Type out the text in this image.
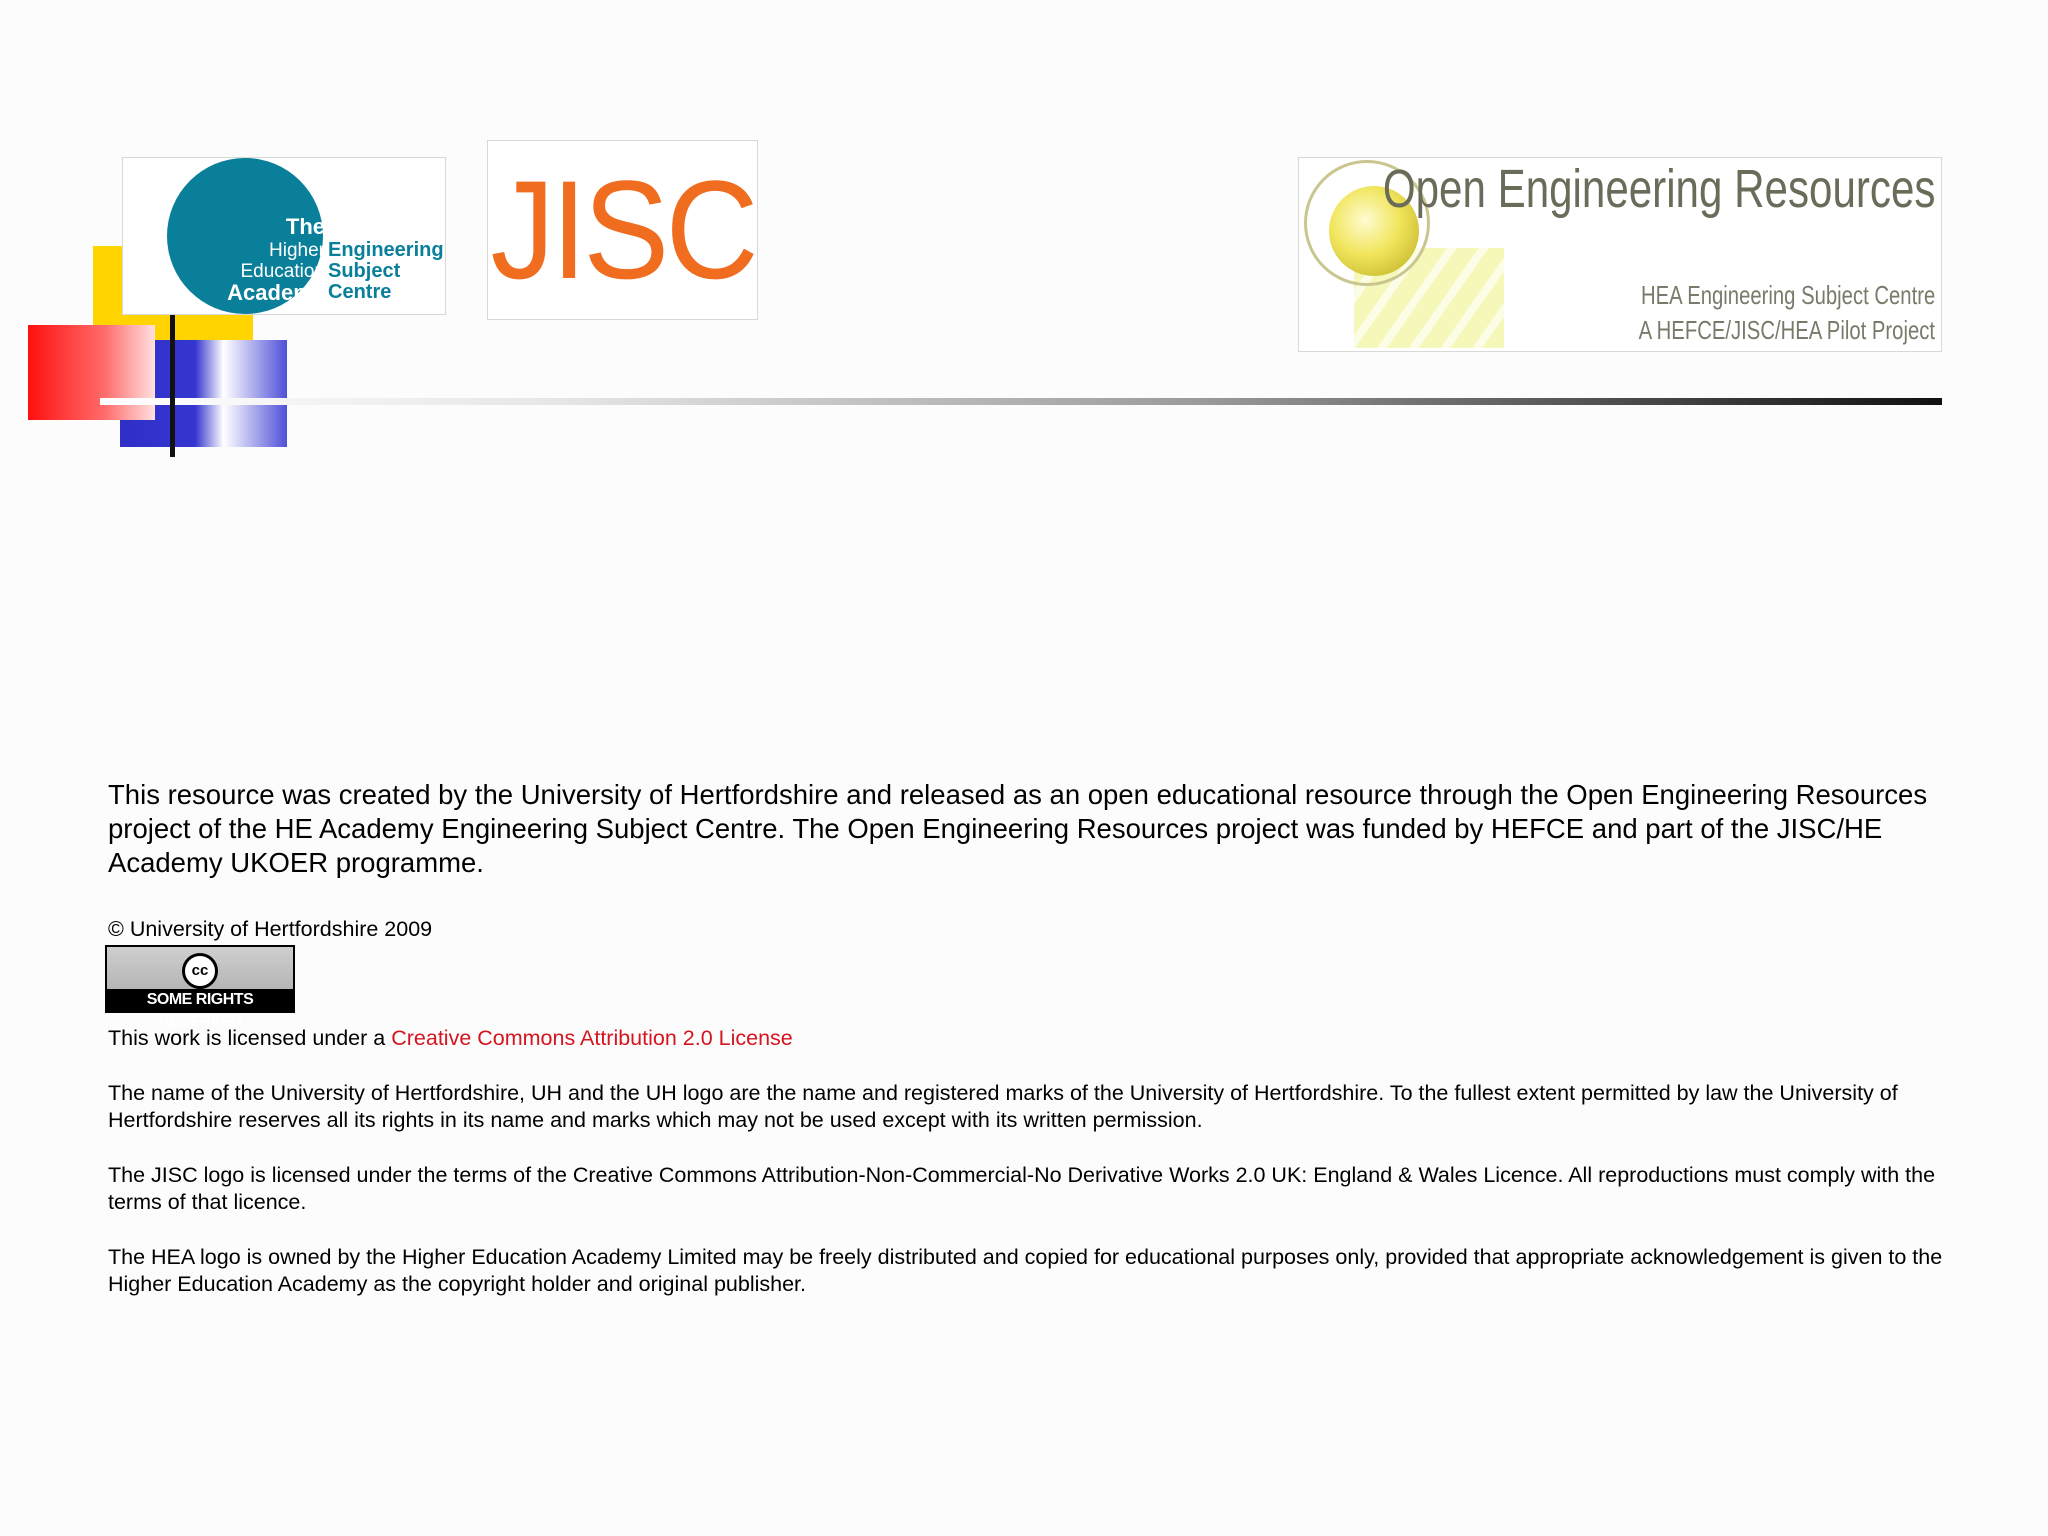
The
Higher
Education
Academy
Engineering
Subject
Centre JISC	Open Engineering Resources
HEA Engineering Subject Centre
A HEFCE/JISC/HEA Pilot Project
This resource was created by the University of Hertfordshire and released as an open educational resource through the Open Engineering Resources project of the HE Academy Engineering Subject Centre. The Open Engineering Resources project was funded by HEFCE and part of the JISC/HE Academy UKOER programme.
© University of Hertfordshire 2009
cc
SOME RIGHTS RESERVED
This work is licensed under a Creative Commons Attribution 2.0 License
The name of the University of Hertfordshire, UH and the UH logo are the name and registered marks of the University of Hertfordshire. To the fullest extent permitted by law the University of Hertfordshire reserves all its rights in its name and marks which may not be used except with its written permission.
The JISC logo is licensed under the terms of the Creative Commons Attribution-Non-Commercial-No Derivative Works 2.0 UK: England & Wales Licence. All reproductions must comply with the terms of that licence.
The HEA logo is owned by the Higher Education Academy Limited may be freely distributed and copied for educational purposes only, provided that appropriate acknowledgement is given to the Higher Education Academy as the copyright holder and original publisher.
